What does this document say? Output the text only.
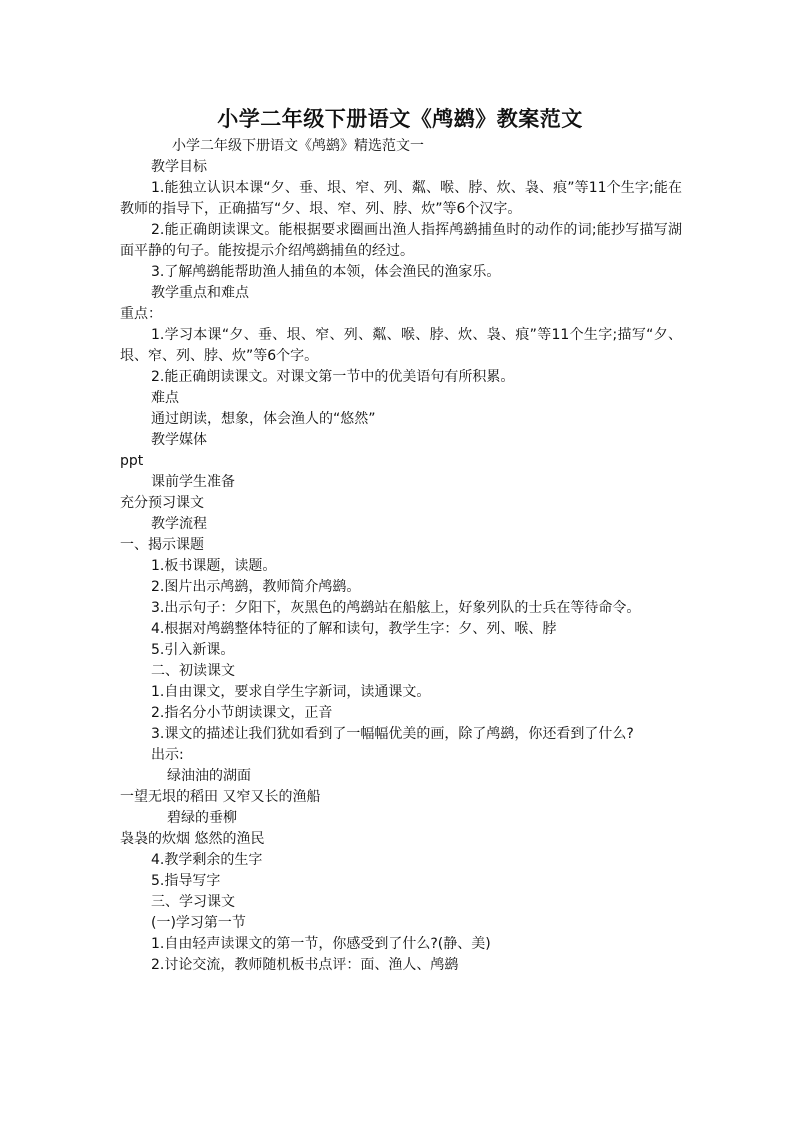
小学二年级下册语文《鸬鹚》教案范文

小学二年级下册语文《鸬鹚》精选范文一

教学目标

1.能独立认识本课“夕、垂、垠、窄、列、粼、喉、脖、炊、袅、痕”等11个生字;能在教师的指导下，正确描写“夕、垠、窄、列、脖、炊”等6个汉字。

2.能正确朗读课文。能根据要求圈画出渔人指挥鸬鹚捕鱼时的动作的词;能抄写描写湖面平静的句子。能按提示介绍鸬鹚捕鱼的经过。

3.了解鸬鹚能帮助渔人捕鱼的本领，体会渔民的渔家乐。

教学重点和难点

重点：

1.学习本课“夕、垂、垠、窄、列、粼、喉、脖、炊、袅、痕”等11个生字;描写“夕、垠、窄、列、脖、炊”等6个字。

2.能正确朗读课文。对课文第一节中的优美语句有所积累。

难点

通过朗读，想象，体会渔人的“悠然”

教学媒体

ppt

课前学生准备

充分预习课文

教学流程

一、揭示课题

1.板书课题，读题。

2.图片出示鸬鹚，教师简介鸬鹚。

3.出示句子：夕阳下，灰黑色的鸬鹚站在船舷上，好象列队的士兵在等待命令。

4.根据对鸬鹚整体特征的了解和读句，教学生字：夕、列、喉、脖

5.引入新课。

二、初读课文

1.自由课文，要求自学生字新词，读通课文。

2.指名分小节朗读课文，正音

3.课文的描述让我们犹如看到了一幅幅优美的画，除了鸬鹚，你还看到了什么?

出示:

绿油油的湖面

一望无垠的稻田 又窄又长的渔船

碧绿的垂柳

袅袅的炊烟 悠然的渔民

4.教学剩余的生字

5.指导写字

三、学习课文

(一)学习第一节

1.自由轻声读课文的第一节，你感受到了什么?(静、美)

2.讨论交流，教师随机板书点评：面、渔人、鸬鹚
